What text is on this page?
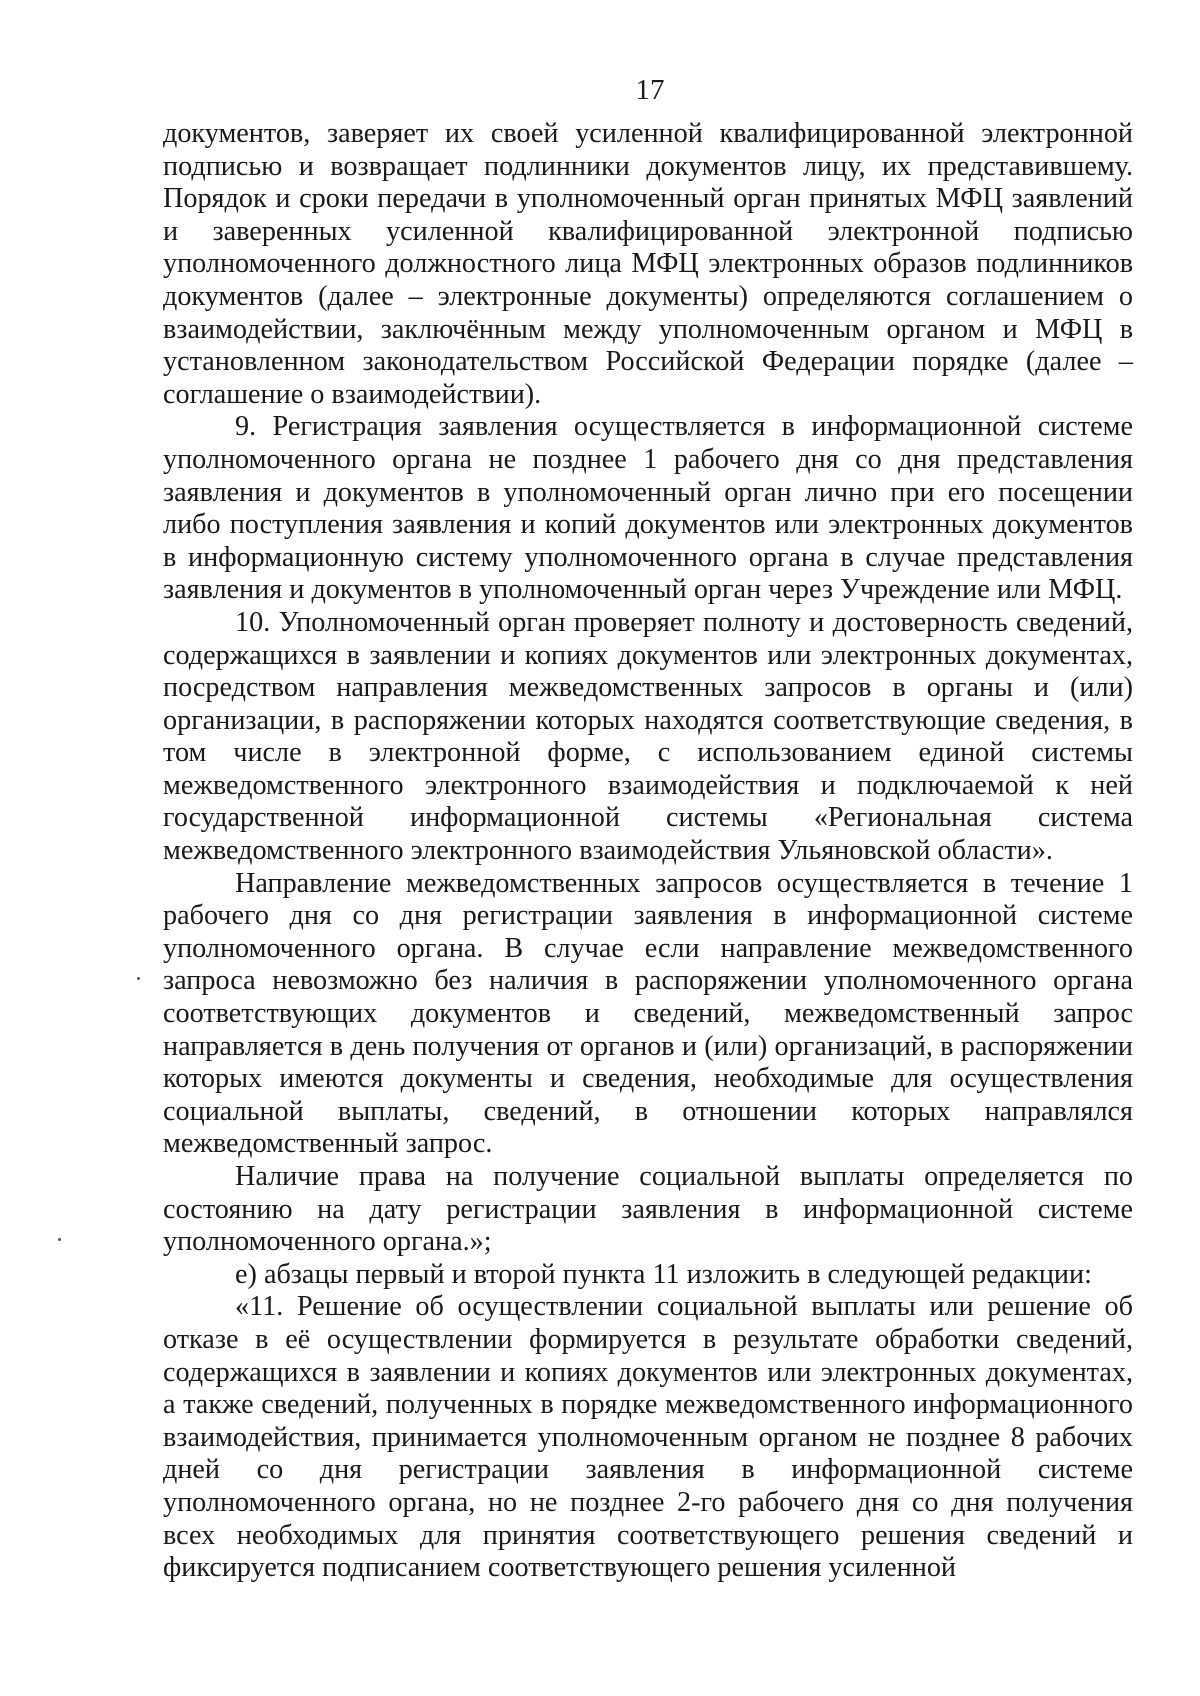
17

документов, заверяет их своей усиленной квалифицированной электронной подписью и возвращает подлинники документов лицу, их представившему. Порядок и сроки передачи в уполномоченный орган принятых МФЦ заявлений и заверенных усиленной квалифицированной электронной подписью уполномоченного должностного лица МФЦ электронных образов подлинников документов (далее – электронные документы) определяются соглашением о взаимодействии, заключённым между уполномоченным органом и МФЦ в установленном законодательством Российской Федерации порядке (далее – соглашение о взаимодействии).

9. Регистрация заявления осуществляется в информационной системе уполномоченного органа не позднее 1 рабочего дня со дня представления заявления и документов в уполномоченный орган лично при его посещении либо поступления заявления и копий документов или электронных документов в информационную систему уполномоченного органа в случае представления заявления и документов в уполномоченный орган через Учреждение или МФЦ.

10. Уполномоченный орган проверяет полноту и достоверность сведений, содержащихся в заявлении и копиях документов или электронных документах, посредством направления межведомственных запросов в органы и (или) организации, в распоряжении которых находятся соответствующие сведения, в том числе в электронной форме, с использованием единой системы межведомственного электронного взаимодействия и подключаемой к ней государственной информационной системы «Региональная система межведомственного электронного взаимодействия Ульяновской области».

Направление межведомственных запросов осуществляется в течение 1 рабочего дня со дня регистрации заявления в информационной системе уполномоченного органа. В случае если направление межведомственного запроса невозможно без наличия в распоряжении уполномоченного органа соответствующих документов и сведений, межведомственный запрос направляется в день получения от органов и (или) организаций, в распоряжении которых имеются документы и сведения, необходимые для осуществления социальной выплаты, сведений, в отношении которых направлялся межведомственный запрос.

Наличие права на получение социальной выплаты определяется по состоянию на дату регистрации заявления в информационной системе уполномоченного органа.»;

е) абзацы первый и второй пункта 11 изложить в следующей редакции:

«11. Решение об осуществлении социальной выплаты или решение об отказе в её осуществлении формируется в результате обработки сведений, содержащихся в заявлении и копиях документов или электронных документах, а также сведений, полученных в порядке межведомственного информационного взаимодействия, принимается уполномоченным органом не позднее 8 рабочих дней со дня регистрации заявления в информационной системе уполномоченного органа, но не позднее 2-го рабочего дня со дня получения всех необходимых для принятия соответствующего решения сведений и фиксируется подписанием соответствующего решения усиленной
